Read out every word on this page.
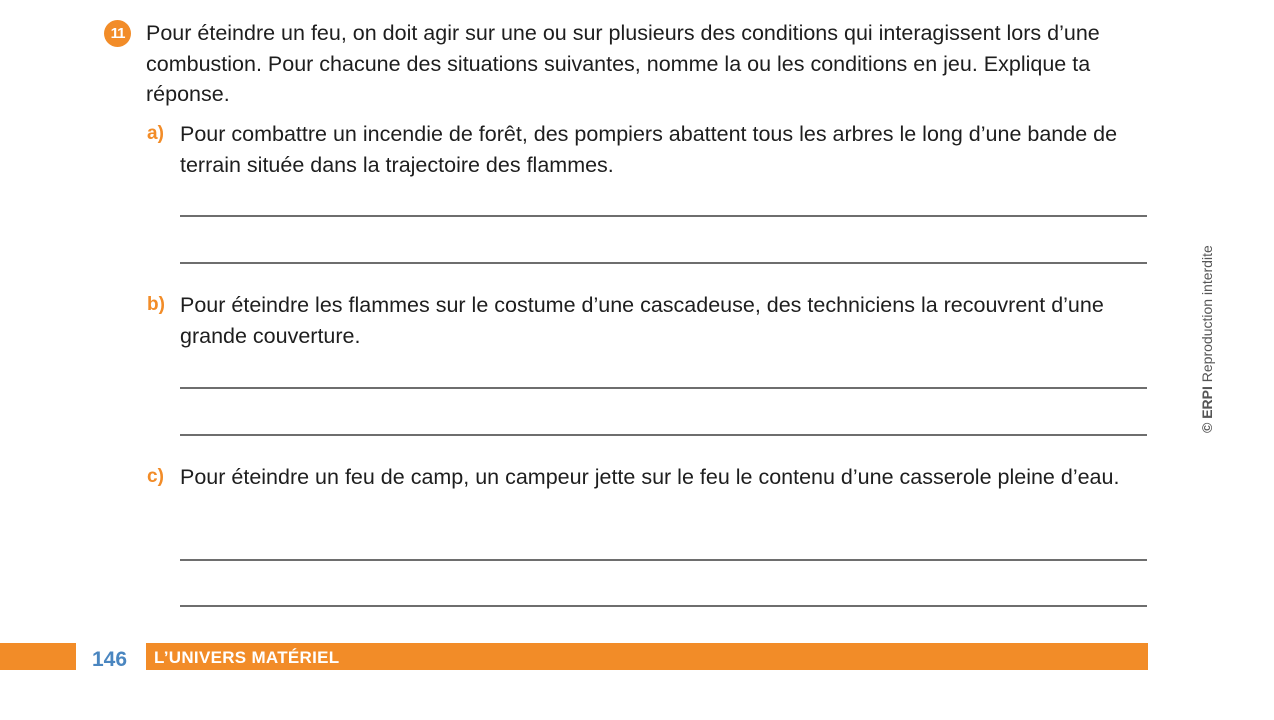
11	Pour éteindre un feu, on doit agir sur une ou sur plusieurs des conditions qui interagissent lors d’une combustion. Pour chacune des situations suivantes, nomme la ou les conditions en jeu. Explique ta réponse.
a) Pour combattre un incendie de forêt, des pompiers abattent tous les arbres le long d’une bande de terrain située dans la trajectoire des flammes.
b) Pour éteindre les flammes sur le costume d’une cascadeuse, des techniciens la recouvrent d’une grande couverture.
c) Pour éteindre un feu de camp, un campeur jette sur le feu le contenu d’une casserole pleine d’eau.
146 L’UNIVERS MATÉRIEL
© ERPI Reproduction interdite
